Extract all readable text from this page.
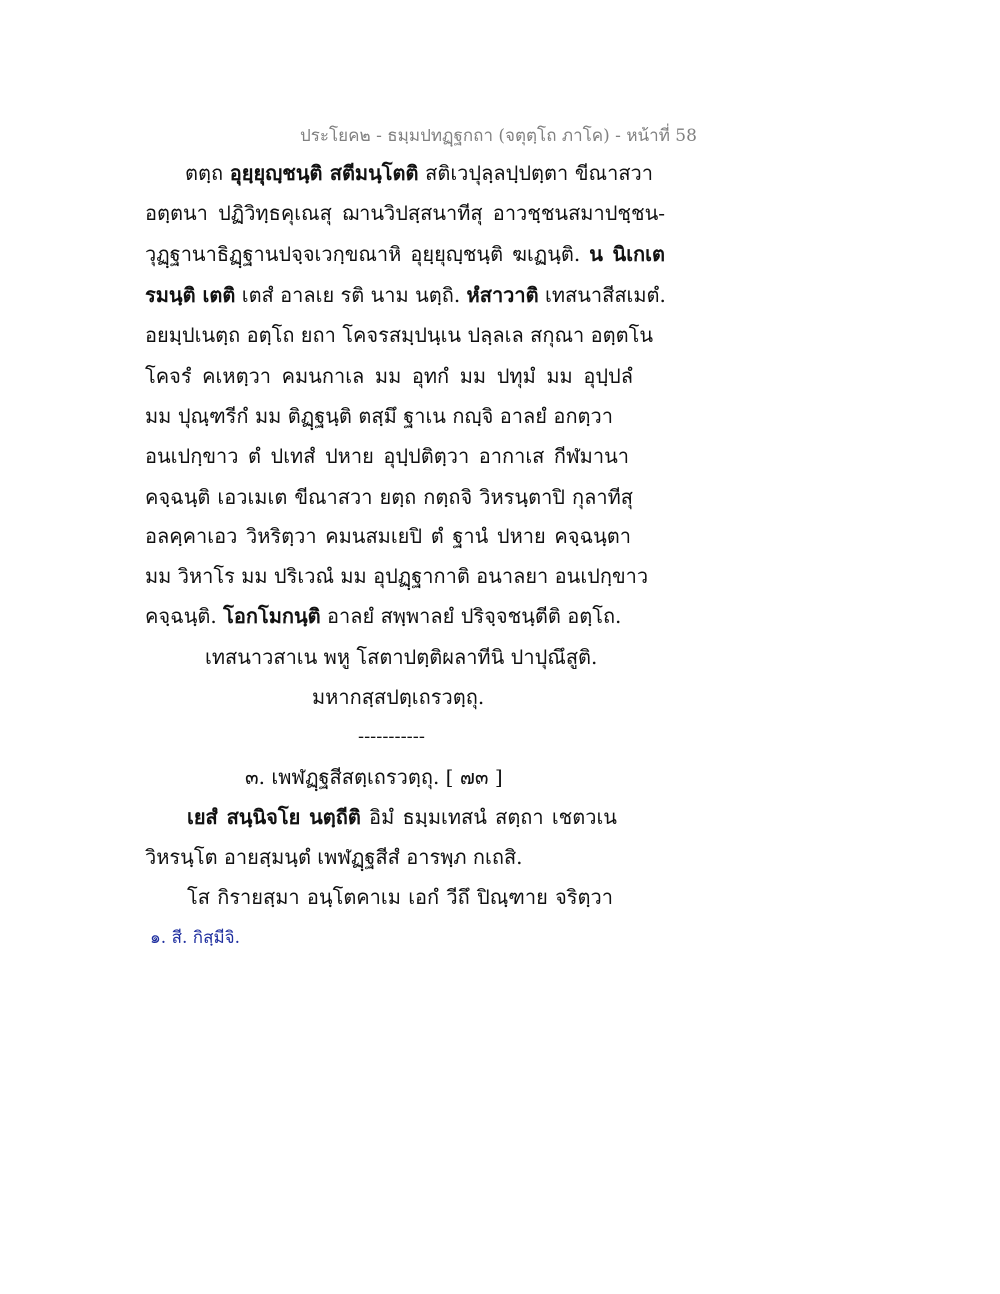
ประโยค๒ - ธมฺมปทฏฺฐกถา (จตุตฺโถ ภาโค) - หน้าที่ 58
ตตฺถ อุยฺยุญฺชนฺติ สตีมนฺโตติ สติเวปุลฺลปฺปตฺตา ขีณาสวา
อตฺตนา ปฏิวิทฺธคุเณสุ ฌานวิปสฺสนาทีสุ อาวชฺชนสมาปชฺชน-
วุฏฺฐานาธิฏฺฐานปจฺจเวกฺขณาหิ อุยฺยุญฺชนฺติ ฆเฏนฺติ. น นิเกเต
รมนฺติ เตติ เตสํ อาลเย รติ นาม นตฺถิ. หํสาวาติ เทสนาสีสเมตํ.
อยมฺปเนตฺถ อตฺโถ ยถา โคจรสมฺปนฺเน ปลฺลเล สกุณา อตฺตโน
โคจรํ คเหตฺวา คมนกาเล มม อุทกํ มม ปทุมํ มม อุปฺปลํ
มม ปุณฺฑรีกํ มม ติฏฺฐนฺติ ตสฺมึ ฐาเน กญฺจิ อาลยํ อกตฺวา
อนเปกฺขาว ตํ ปเทสํ ปหาย อุปฺปติตฺวา อากาเส กีฬมานา
คจฺฉนฺติ เอวเมเต ขีณาสวา ยตฺถ กตฺถจิ วิหรนฺตาปิ กุลาทีสุ
อลคฺคาเอว วิหริตฺวา คมนสมเยปิ ตํ ฐานํ ปหาย คจฺฉนฺตา
มม วิหาโร มม ปริเวณํ มม อุปฏฺฐากาติ อนาลยา อนเปกฺขาว
คจฺฉนฺติ. โอกโมกนฺติ อาลยํ สพฺพาลยํ ปริจฺจชนฺตีติ อตฺโถ.
เทสนาวสาเน พหู โสตาปตฺติผลาทีนิ ปาปุณึสูติ.
มหากสฺสปตฺเถรวตฺถุ.
-----------
๓. เพฬฏฺฐสีสตฺเถรวตฺถุ. [ ๗๓ ]
เยสํ สนฺนิจโย นตฺถีติ อิมํ ธมฺมเทสนํ สตฺถา เชตวเน
วิหรนฺโต อายสฺมนฺตํ เพฬฏฺฐสีสํ อารพฺภ กเถสิ.
โส กิรายสฺมา อนฺโตคาเม เอกํ วีถึ ปิณฺฑาย จริตฺวา
๑. สี. กิสฺมีจิ.
